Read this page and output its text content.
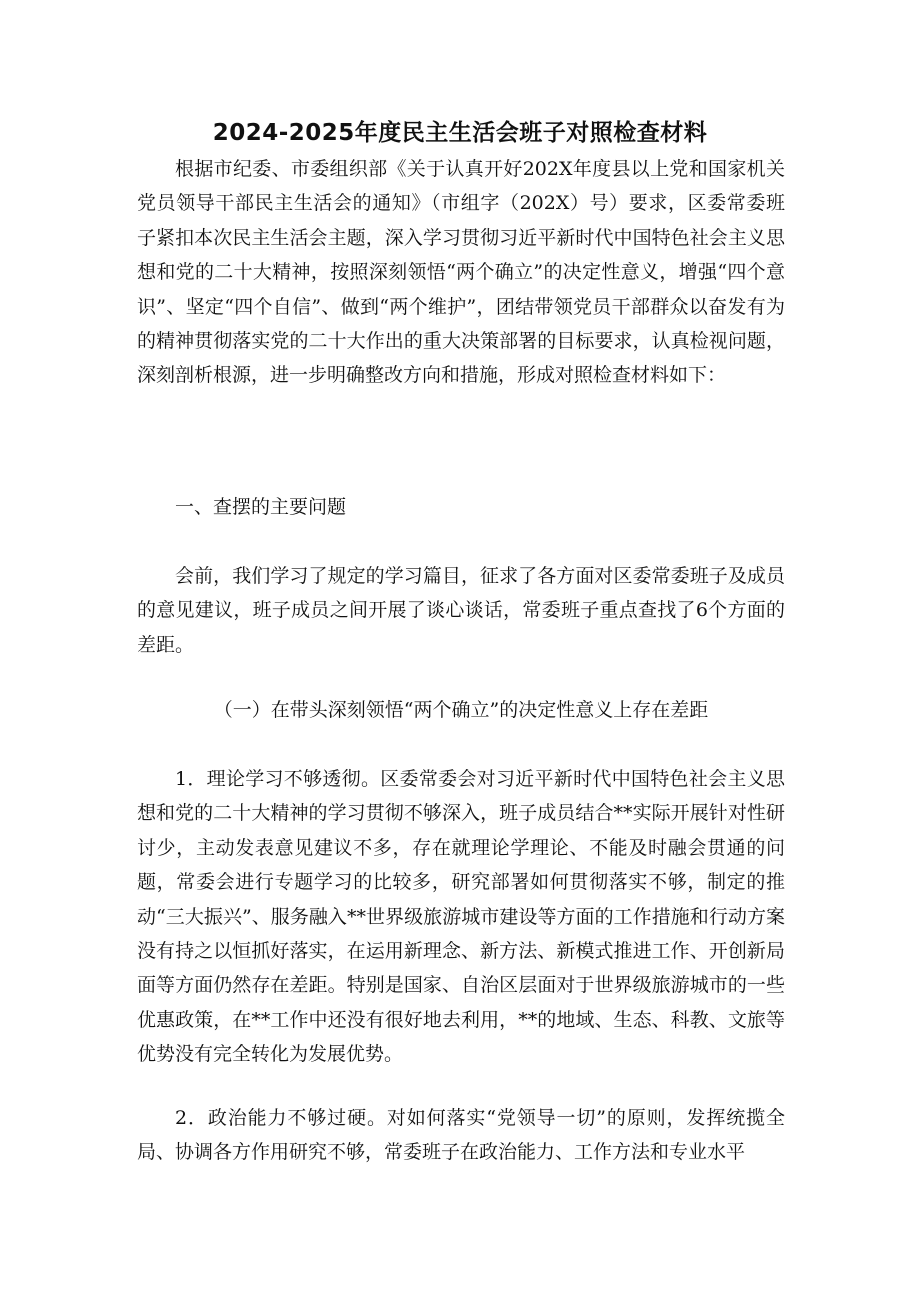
2024-2025年度民主生活会班子对照检查材料

根据市纪委、市委组织部《关于认真开好202X年度县以上党和国家机关党员领导干部民主生活会的通知》（市组字（202X）号）要求，区委常委班子紧扣本次民主生活会主题，深入学习贯彻习近平新时代中国特色社会主义思想和党的二十大精神，按照深刻领悟“两个确立”的决定性意义，增强“四个意识”、坚定“四个自信”、做到“两个维护”，团结带领党员干部群众以奋发有为的精神贯彻落实党的二十大作出的重大决策部署的目标要求，认真检视问题，深刻剖析根源，进一步明确整改方向和措施，形成对照检查材料如下：

一、查摆的主要问题

会前，我们学习了规定的学习篇目，征求了各方面对区委常委班子及成员的意见建议，班子成员之间开展了谈心谈话，常委班子重点查找了6个方面的差距。

（一）在带头深刻领悟“两个确立”的决定性意义上存在差距

1．理论学习不够透彻。区委常委会对习近平新时代中国特色社会主义思想和党的二十大精神的学习贯彻不够深入，班子成员结合**实际开展针对性研讨少，主动发表意见建议不多，存在就理论学理论、不能及时融会贯通的问题，常委会进行专题学习的比较多，研究部署如何贯彻落实不够，制定的推动“三大振兴”、服务融入**世界级旅游城市建设等方面的工作措施和行动方案没有持之以恒抓好落实，在运用新理念、新方法、新模式推进工作、开创新局面等方面仍然存在差距。特别是国家、自治区层面对于世界级旅游城市的一些优惠政策，在**工作中还没有很好地去利用，**的地域、生态、科教、文旅等优势没有完全转化为发展优势。

2．政治能力不够过硬。对如何落实“党领导一切”的原则，发挥统揽全局、协调各方作用研究不够，常委班子在政治能力、工作方法和专业水平
